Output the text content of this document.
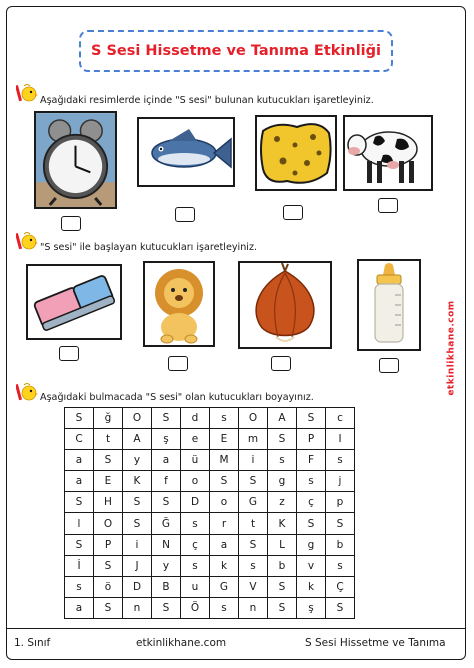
S Sesi Hissetme ve Tanıma Etkinliği
Aşağıdaki resimlerde içinde "S sesi" bulunan kutucukları işaretleyiniz.
"S sesi" ile başlayan kutucukları işaretleyiniz.
etkinlikhane.com
Aşağıdaki bulmacada "S sesi" olan kutucukları boyayınız.
S	ğ	O	S	d	s	O	A	S	c
C	t	A	ş	e	E	m	S	P	I
a	S	y	a	ü	M	i	s	F	s
a	E	K	f	o	S	S	g	s	j
S	H	S	S	D	o	G	z	ç	p
l	O	S	Ğ	s	r	t	K	S	S
S	P	i	N	ç	a	S	L	g	b
İ	S	J	y	s	k	s	b	v	s
s	ö	D	B	u	G	V	S	k	Ç
a	S	n	S	Ö	s	n	S	ş	S
1. Sınıf	etkinlikhane.com	S Sesi Hissetme ve Tanıma
